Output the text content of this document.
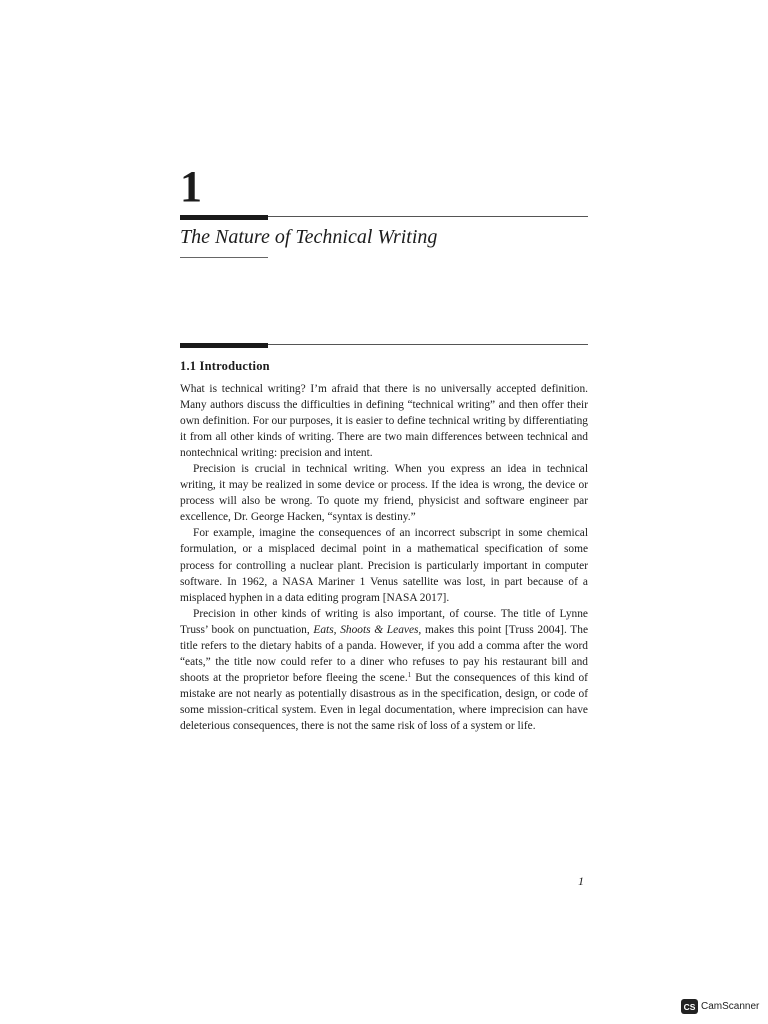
1
The Nature of Technical Writing
1.1 Introduction

What is technical writing? I’m afraid that there is no universally accepted definition. Many authors discuss the difficulties in defining “technical writing” and then offer their own definition. For our purposes, it is easier to define technical writing by differentiating it from all other kinds of writing. There are two main differences between technical and nontechnical writing: precision and intent.

Precision is crucial in technical writing. When you express an idea in technical writing, it may be realized in some device or process. If the idea is wrong, the device or process will also be wrong. To quote my friend, physicist and software engineer par excellence, Dr. George Hacken, “syntax is destiny.”

For example, imagine the consequences of an incorrect subscript in some chemical formulation, or a misplaced decimal point in a mathematical specification of some process for controlling a nuclear plant. Precision is particularly important in computer software. In 1962, a NASA Mariner 1 Venus satellite was lost, in part because of a misplaced hyphen in a data editing program [NASA 2017].

Precision in other kinds of writing is also important, of course. The title of Lynne Truss’ book on punctuation, Eats, Shoots & Leaves, makes this point [Truss 2004]. The title refers to the dietary habits of a panda. However, if you add a comma after the word “eats,” the title now could refer to a diner who refuses to pay his restaurant bill and shoots at the proprietor before fleeing the scene.$^1$ But the consequences of this kind of mistake are not nearly as potentially disastrous as in the specification, design, or code of some mission-critical system. Even in legal documentation, where imprecision can have deleterious consequences, there is not the same risk of loss of a system or life.

1
CS CamScanner
